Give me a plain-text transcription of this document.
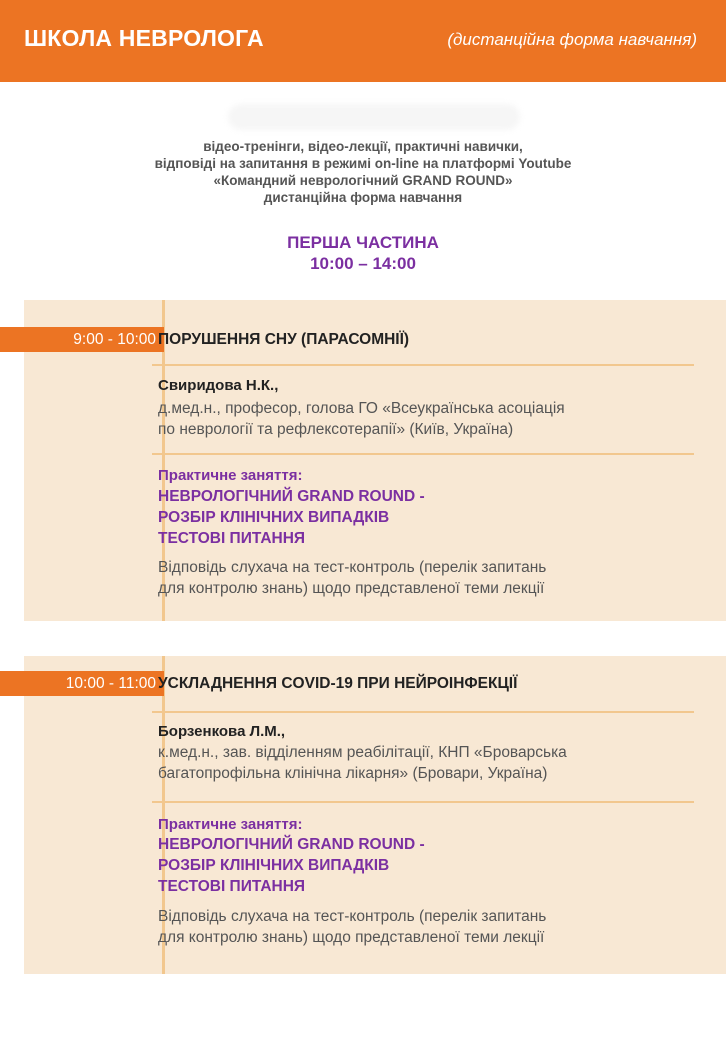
ШКОЛА НЕВРОЛОГА	(дистанційна форма навчання)
відео-тренінги, відео-лекції, практичні навички,
відповіді на запитання в режимі on-line на платформі Youtube
«Командний неврологічний GRAND ROUND»
дистанційна форма навчання
ПЕРША ЧАСТИНА
10:00 – 14:00
9:00 - 10:00 ПОРУШЕННЯ СНУ (ПАРАСОМНІЇ)
Свиридова Н.К.,
д.мед.н., професор, голова ГО «Всеукраїнська асоціація
по неврології та рефлексотерапії» (Київ, Україна)
Практичне заняття:
НЕВРОЛОГІЧНИЙ GRAND ROUND -
РОЗБІР КЛІНІЧНИХ ВИПАДКІВ
ТЕСТОВІ ПИТАННЯ
Відповідь слухача на тест-контроль (перелік запитань
для контролю знань) щодо представленої теми лекції
10:00 - 11:00 УСКЛАДНЕННЯ COVID-19 ПРИ НЕЙРОІНФЕКЦІЇ
Борзенкова Л.М.,
к.мед.н., зав. відділенням реабілітації, КНП «Броварська
багатопрофільна клінічна лікарня» (Бровари, Україна)
Практичне заняття:
НЕВРОЛОГІЧНИЙ GRAND ROUND -
РОЗБІР КЛІНІЧНИХ ВИПАДКІВ
ТЕСТОВІ ПИТАННЯ
Відповідь слухача на тест-контроль (перелік запитань
для контролю знань) щодо представленої теми лекції
